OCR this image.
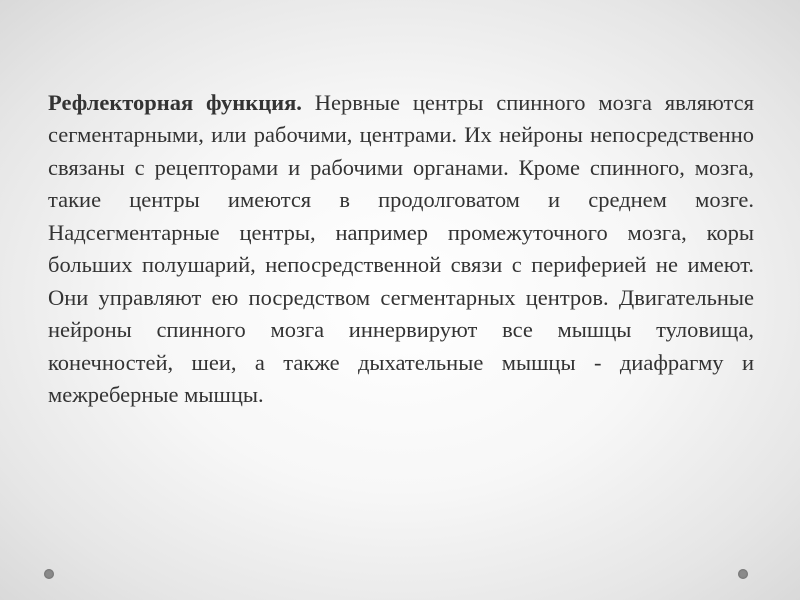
Рефлекторная функция. Нервные центры спинного мозга являются сегментарными, или рабочими, центрами. Их нейроны непосредственно связаны с рецепторами и рабочими органами. Кроме спинного, мозга, такие центры имеются в продолговатом и среднем мозге. Надсегментарные центры, например промежуточного мозга, коры больших полушарий, непосредственной связи с периферией не имеют. Они управляют ею посредством сегментарных центров. Двигательные нейроны спинного мозга иннервируют все мышцы туловища, конечностей, шеи, а также дыхательные мышцы - диафрагму и межреберные мышцы.
